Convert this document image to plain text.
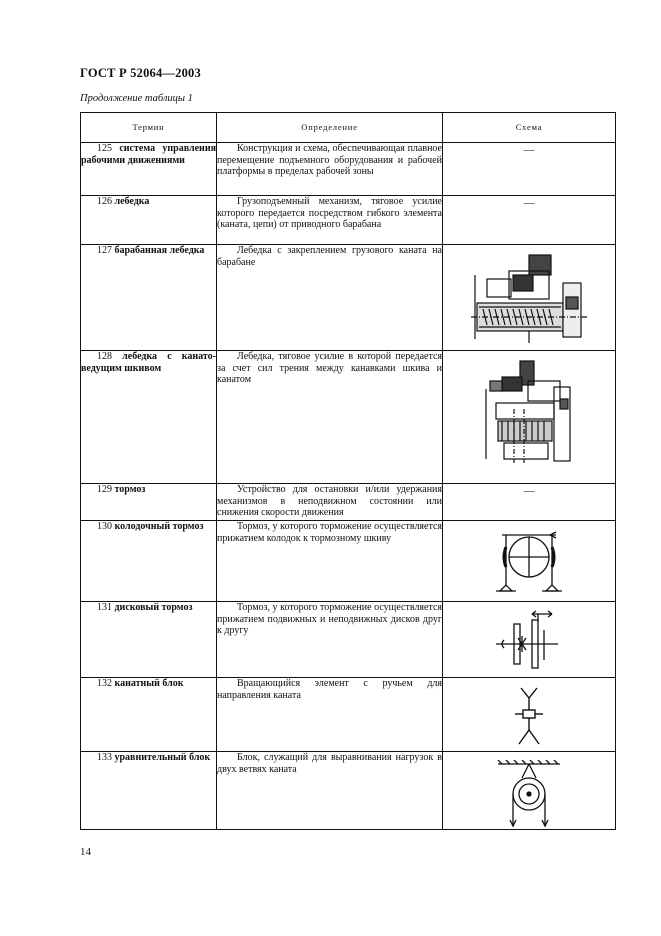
ГОСТ Р 52064—2003
Продолжение таблицы 1
Термин	Определение	Схема
125 система управления рабочими движениями	Конструкция и схема, обеспечивающая плавное перемещение подъемного оборудования и рабочей платформы в пределах рабочей зоны	—

126 лебедка	Грузоподъемный механизм, тяговое усилие которого передается посредством гибкого элемента (каната, цепи) от приводного барабана	—

127 барабанная лебедка	Лебедка с закреплением грузового каната на барабане

128 лебедка с канато-ведущим шкивом	Лебедка, тяговое усилие в которой передается за счет сил трения между канавками шкива и канатом

129 тормоз	Устройство для остановки и/или удержания механизмов в неподвижном состоянии или снижения скорости движения	—

130 колодочный тормоз	Тормоз, у которого торможение осуществляется прижатием колодок к тормозному шкиву

131 дисковый тормоз	Тормоз, у которого торможение осуществляется прижатием подвижных и неподвижных дисков друг к другу

132 канатный блок	Вращающийся элемент с ручьем для направления каната

133 уравнительный блок	Блок, служащий для выравнивания нагрузок в двух ветвях каната

14
